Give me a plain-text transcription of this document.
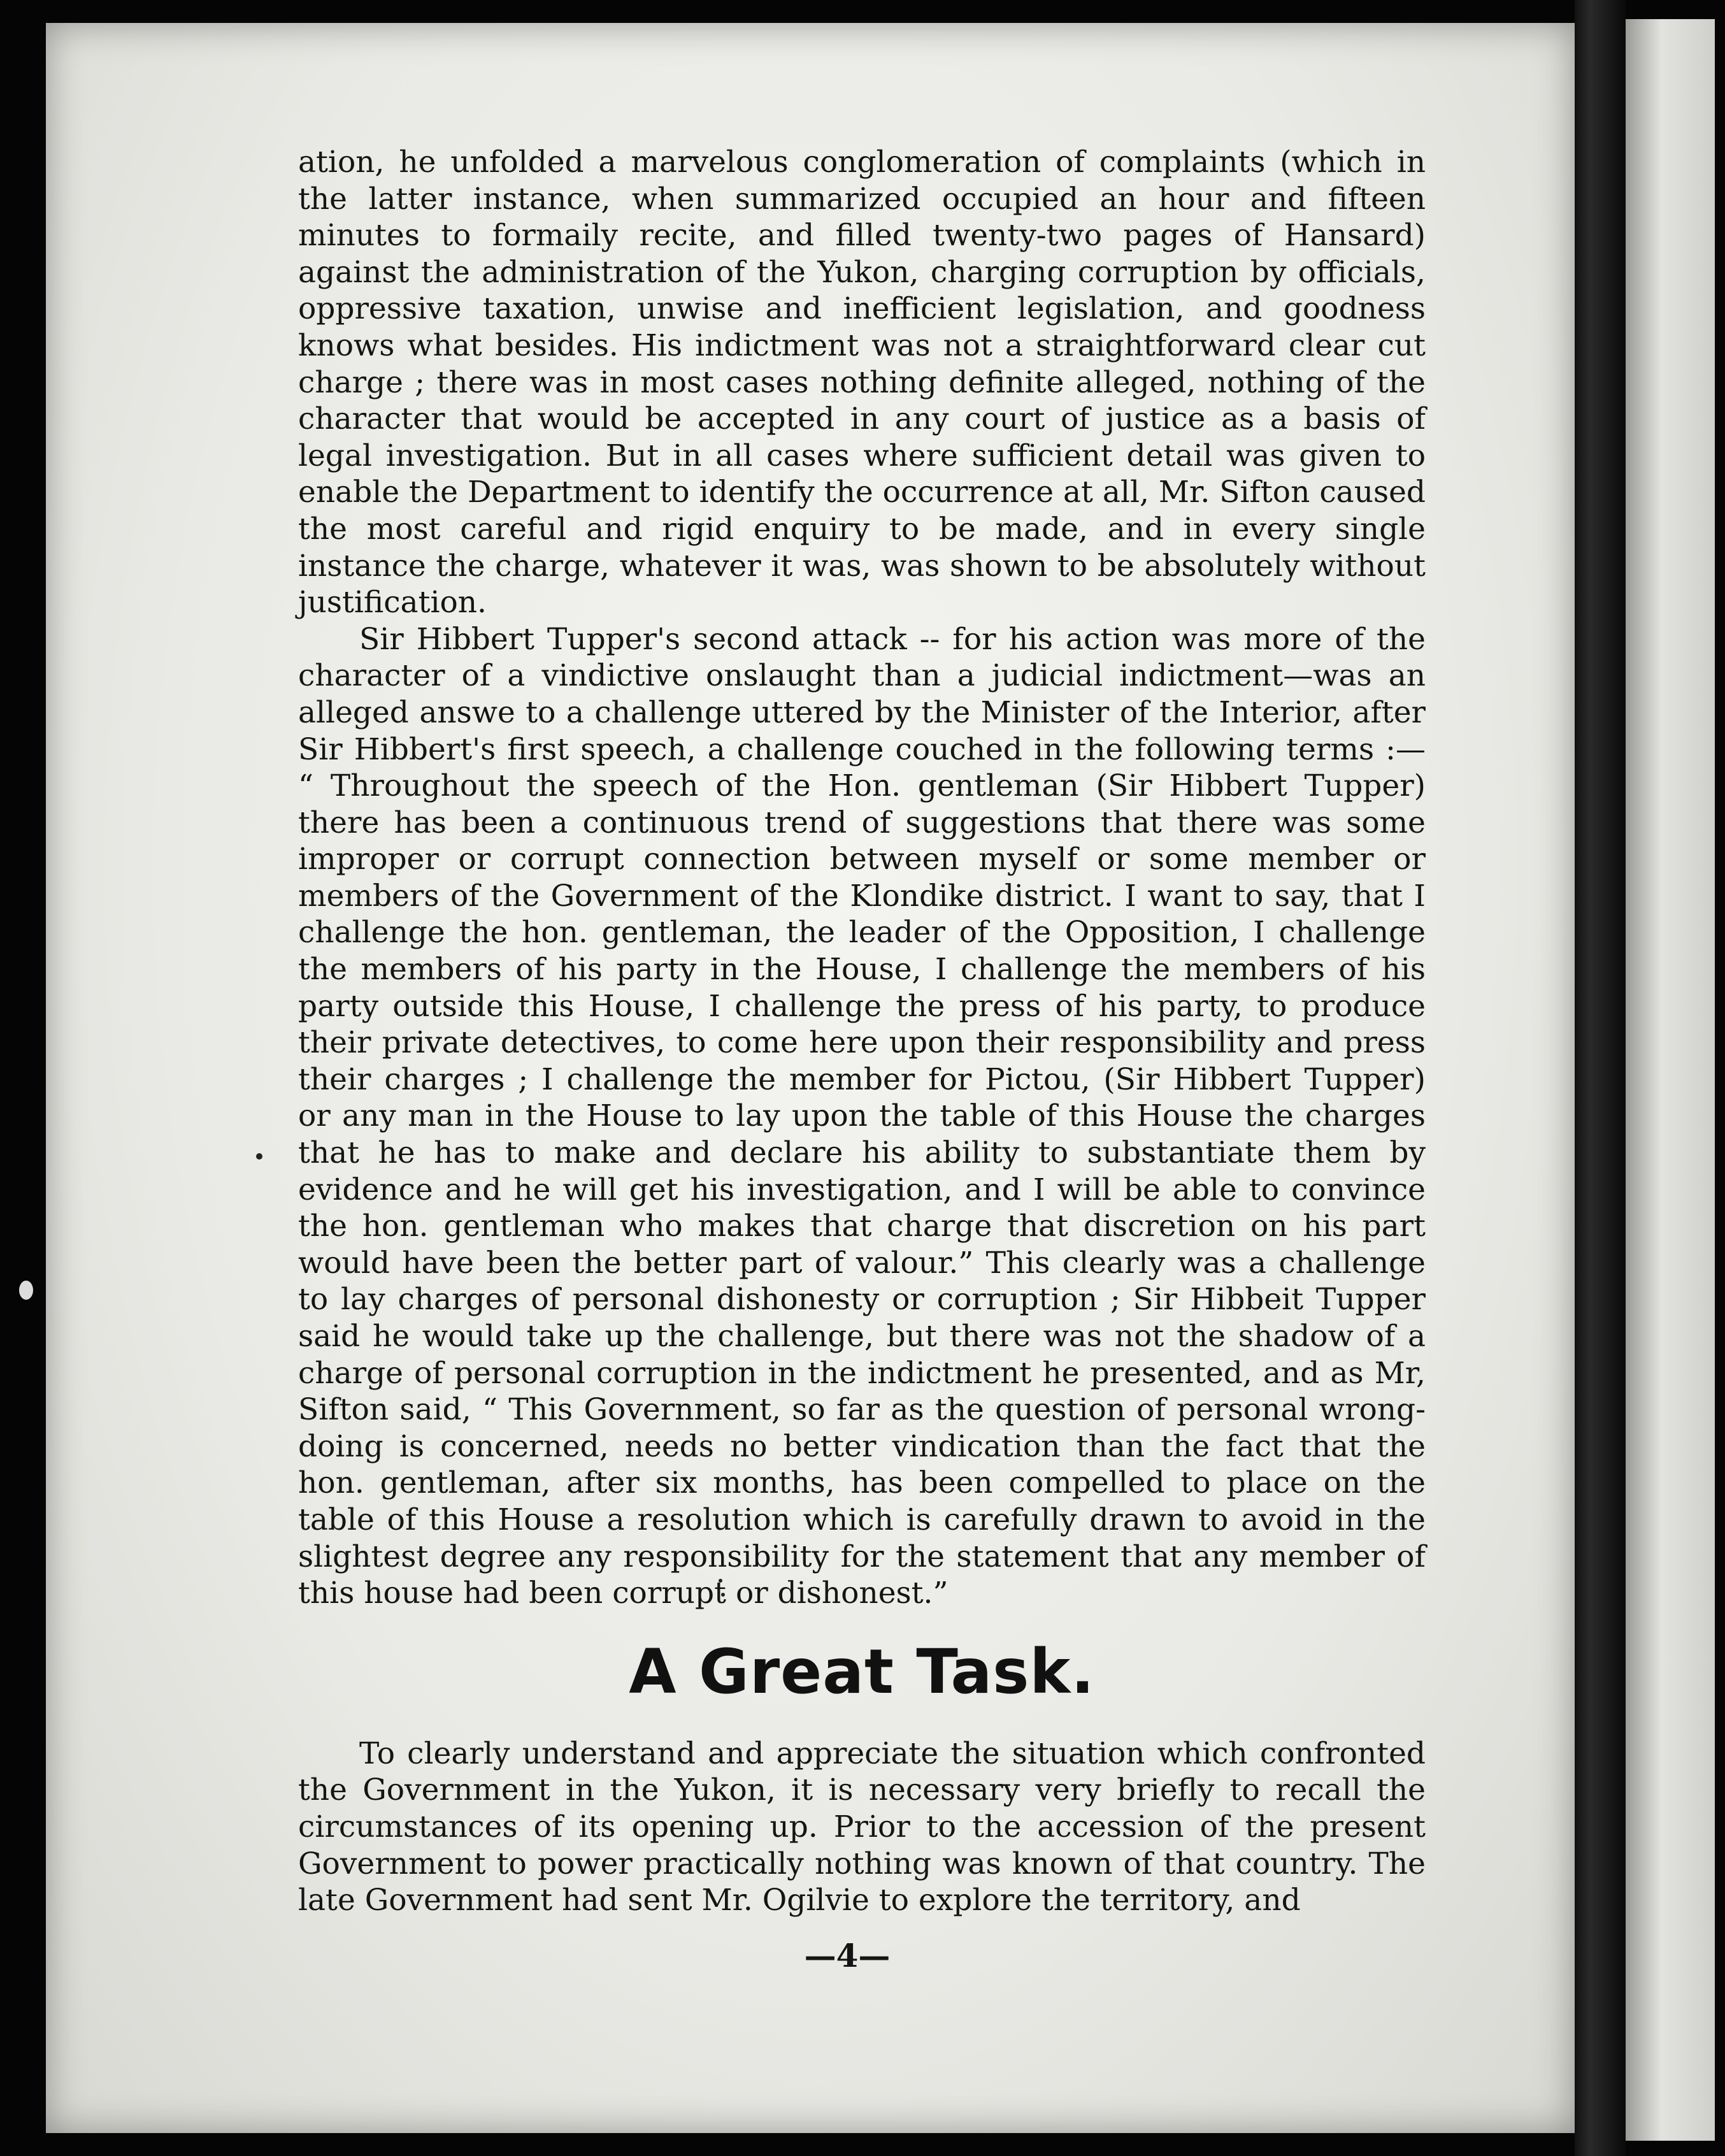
ation, he unfolded a marvelous conglomeration of complaints (which in the latter instance, when summarized occupied an hour and fifteen minutes to formaily recite, and filled twenty-two pages of Hansard) against the administration of the Yukon, charging corruption by officials, oppressive taxation, unwise and inefficient legislation, and goodness knows what besides. His indictment was not a straightforward clear cut charge ; there was in most cases nothing definite alleged, nothing of the character that would be accepted in any court of justice as a basis of legal investigation. But in all cases where sufficient detail was given to enable the Department to identify the occurrence at all, Mr. Sifton caused the most careful and rigid enquiry to be made, and in every single instance the charge, whatever it was, was shown to be absolutely without justification.

Sir Hibbert Tupper's second attack -- for his action was more of the character of a vindictive onslaught than a judicial indictment—was an alleged answe to a challenge uttered by the Minister of the Interior, after Sir Hibbert's first speech, a challenge couched in the following terms :— “ Throughout the speech of the Hon. gentleman (Sir Hibbert Tupper) there has been a continuous trend of suggestions that there was some improper or corrupt connection between myself or some member or members of the Government of the Klondike district. I want to say, that I challenge the hon. gentleman, the leader of the Opposition, I challenge the members of his party in the House, I challenge the members of his party outside this House, I challenge the press of his party, to produce their private detectives, to come here upon their responsibility and press their charges ; I challenge the member for Pictou, (Sir Hibbert Tupper) or any man in the House to lay upon the table of this House the charges that he has to make and declare his ability to substantiate them by evidence and he will get his investigation, and I will be able to convince the hon. gentleman who makes that charge that discretion on his part would have been the better part of valour.” This clearly was a challenge to lay charges of personal dishonesty or corruption ; Sir Hibbeit Tupper said he would take up the challenge, but there was not the shadow of a charge of personal corruption in the indictment he presented, and as Mr, Sifton said, “ This Government, so far as the question of personal wrong-doing is concerned, needs no better vindication than the fact that the hon. gentleman, after six months, has been compelled to place on the table of this House a resolution which is carefully drawn to avoid in the slightest degree any responsibility for the statement that any member of this house had been corrupt or dishonest.”

A Great Task.

To clearly understand and appreciate the situation which confronted the Government in the Yukon, it is necessary very briefly to recall the circumstances of its opening up. Prior to the accession of the present Government to power practically nothing was known of that country. The late Government had sent Mr. Ogilvie to explore the territory, and

—4—
